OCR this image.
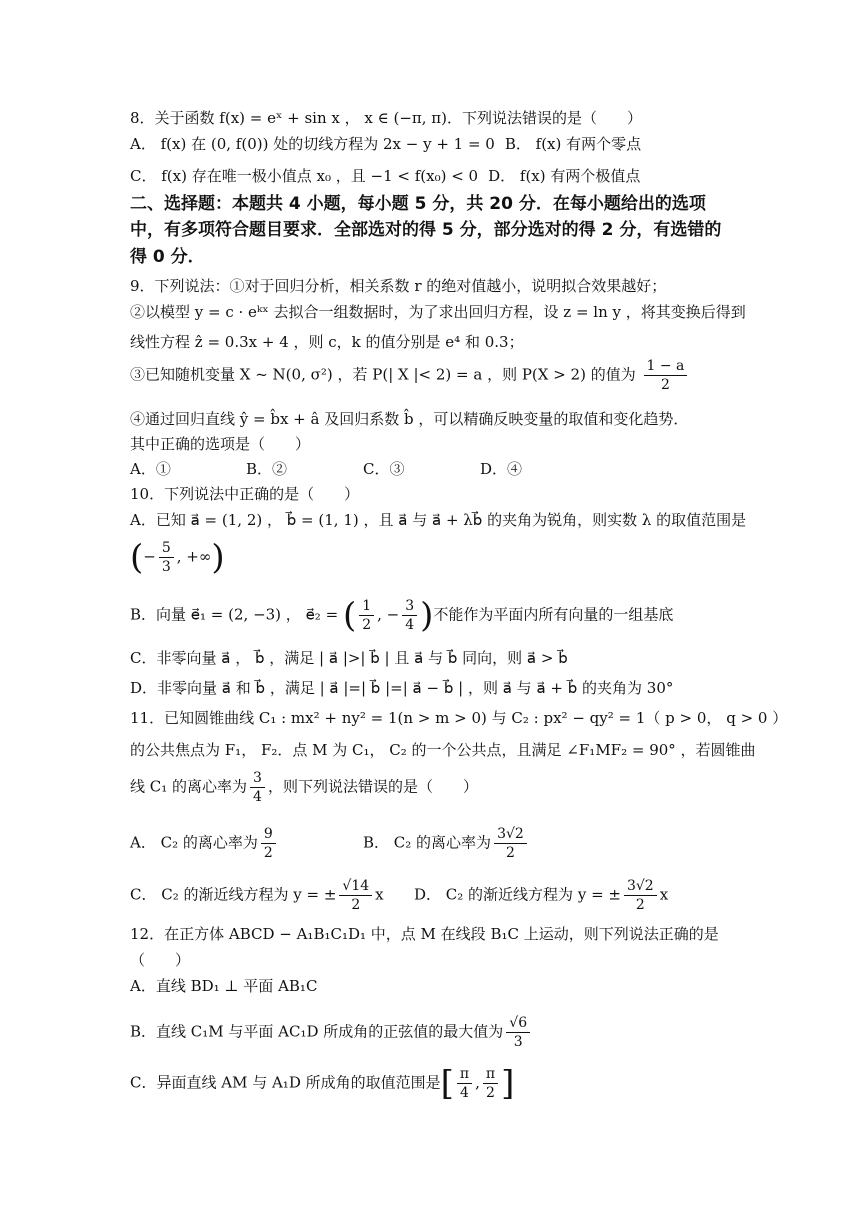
8．关于函数 f(x) = eˣ + sin x ， x ∈ (−π, π)．下列说法错误的是（　　）
A． f(x) 在 (0, f(0)) 处的切线方程为 2x − y + 1 = 0 B． f(x) 有两个零点
C． f(x) 存在唯一极小值点 x₀ ，且 −1 < f(x₀) < 0 D． f(x) 有两个极值点
二、选择题：本题共 4 小题，每小题 5 分，共 20 分．在每小题给出的选项
中，有多项符合题目要求．全部选对的得 5 分，部分选对的得 2 分，有选错的
得 0 分．
9．下列说法：①对于回归分析，相关系数 r 的绝对值越小，说明拟合效果越好；
②以模型 y = c · eᵏˣ 去拟合一组数据时，为了求出回归方程，设 z = ln y ，将其变换后得到
线性方程 ẑ = 0.3x + 4 ，则 c，k 的值分别是 e⁴ 和 0.3；
③已知随机变量 X ~ N(0, σ²) ，若 P(| X |< 2) = a ，则 P(X > 2) 的值为 $\frac{1 - a}{2}$
④通过回归直线 ŷ = b̂x + â 及回归系数 b̂ ，可以精确反映变量的取值和变化趋势．
其中正确的选项是（　　）
A．①	B．②	C．③	D．④
10．下列说法中正确的是（　　）
A．已知 a⃗ = (1, 2) ， b⃗ = (1, 1) ，且 a⃗ 与 a⃗ + λb⃗ 的夹角为锐角，则实数 λ 的取值范围是
(− $\frac{5}{3}$ , +∞)
B．向量 e⃗₁ = (2, −3) ， e⃗₂ = ( $\frac{1}{2}$ , − $\frac{3}{4}$ )不能作为平面内所有向量的一组基底
C．非零向量 a⃗ ， b⃗ ，满足 | a⃗ |>| b⃗ | 且 a⃗ 与 b⃗ 同向，则 a⃗ > b⃗
D．非零向量 a⃗ 和 b⃗ ，满足 | a⃗ |=| b⃗ |=| a⃗ − b⃗ | ，则 a⃗ 与 a⃗ + b⃗ 的夹角为 30°
11．已知圆锥曲线 C₁ : mx² + ny² = 1(n > m > 0) 与 C₂ : px² − qy² = 1（ p > 0， q > 0 ）
的公共焦点为 F₁， F₂．点 M 为 C₁， C₂ 的一个公共点，且满足 ∠F₁MF₂ = 90° ，若圆锥曲
线 C₁ 的离心率为 $\frac{3}{4}$ ，则下列说法错误的是（　　）
A． C₂ 的离心率为 $\frac{9}{2}$	B． C₂ 的离心率为 $\frac{3√2}{2}$
C． C₂ 的渐近线方程为 y = ± $\frac{√14}{2}$ x D． C₂ 的渐近线方程为 y = ± $\frac{3√2}{2}$ x
12．在正方体 ABCD − A₁B₁C₁D₁ 中，点 M 在线段 B₁C 上运动，则下列说法正确的是
（　　）
A．直线 BD₁ ⊥ 平面 AB₁C
B．直线 C₁M 与平面 AC₁D 所成角的正弦值的最大值为 $\frac{√6}{3}$
C．异面直线 AM 与 A₁D 所成角的取值范围是[ $\frac{\pi}{4}$ , $\frac{\pi}{2}$ ]
